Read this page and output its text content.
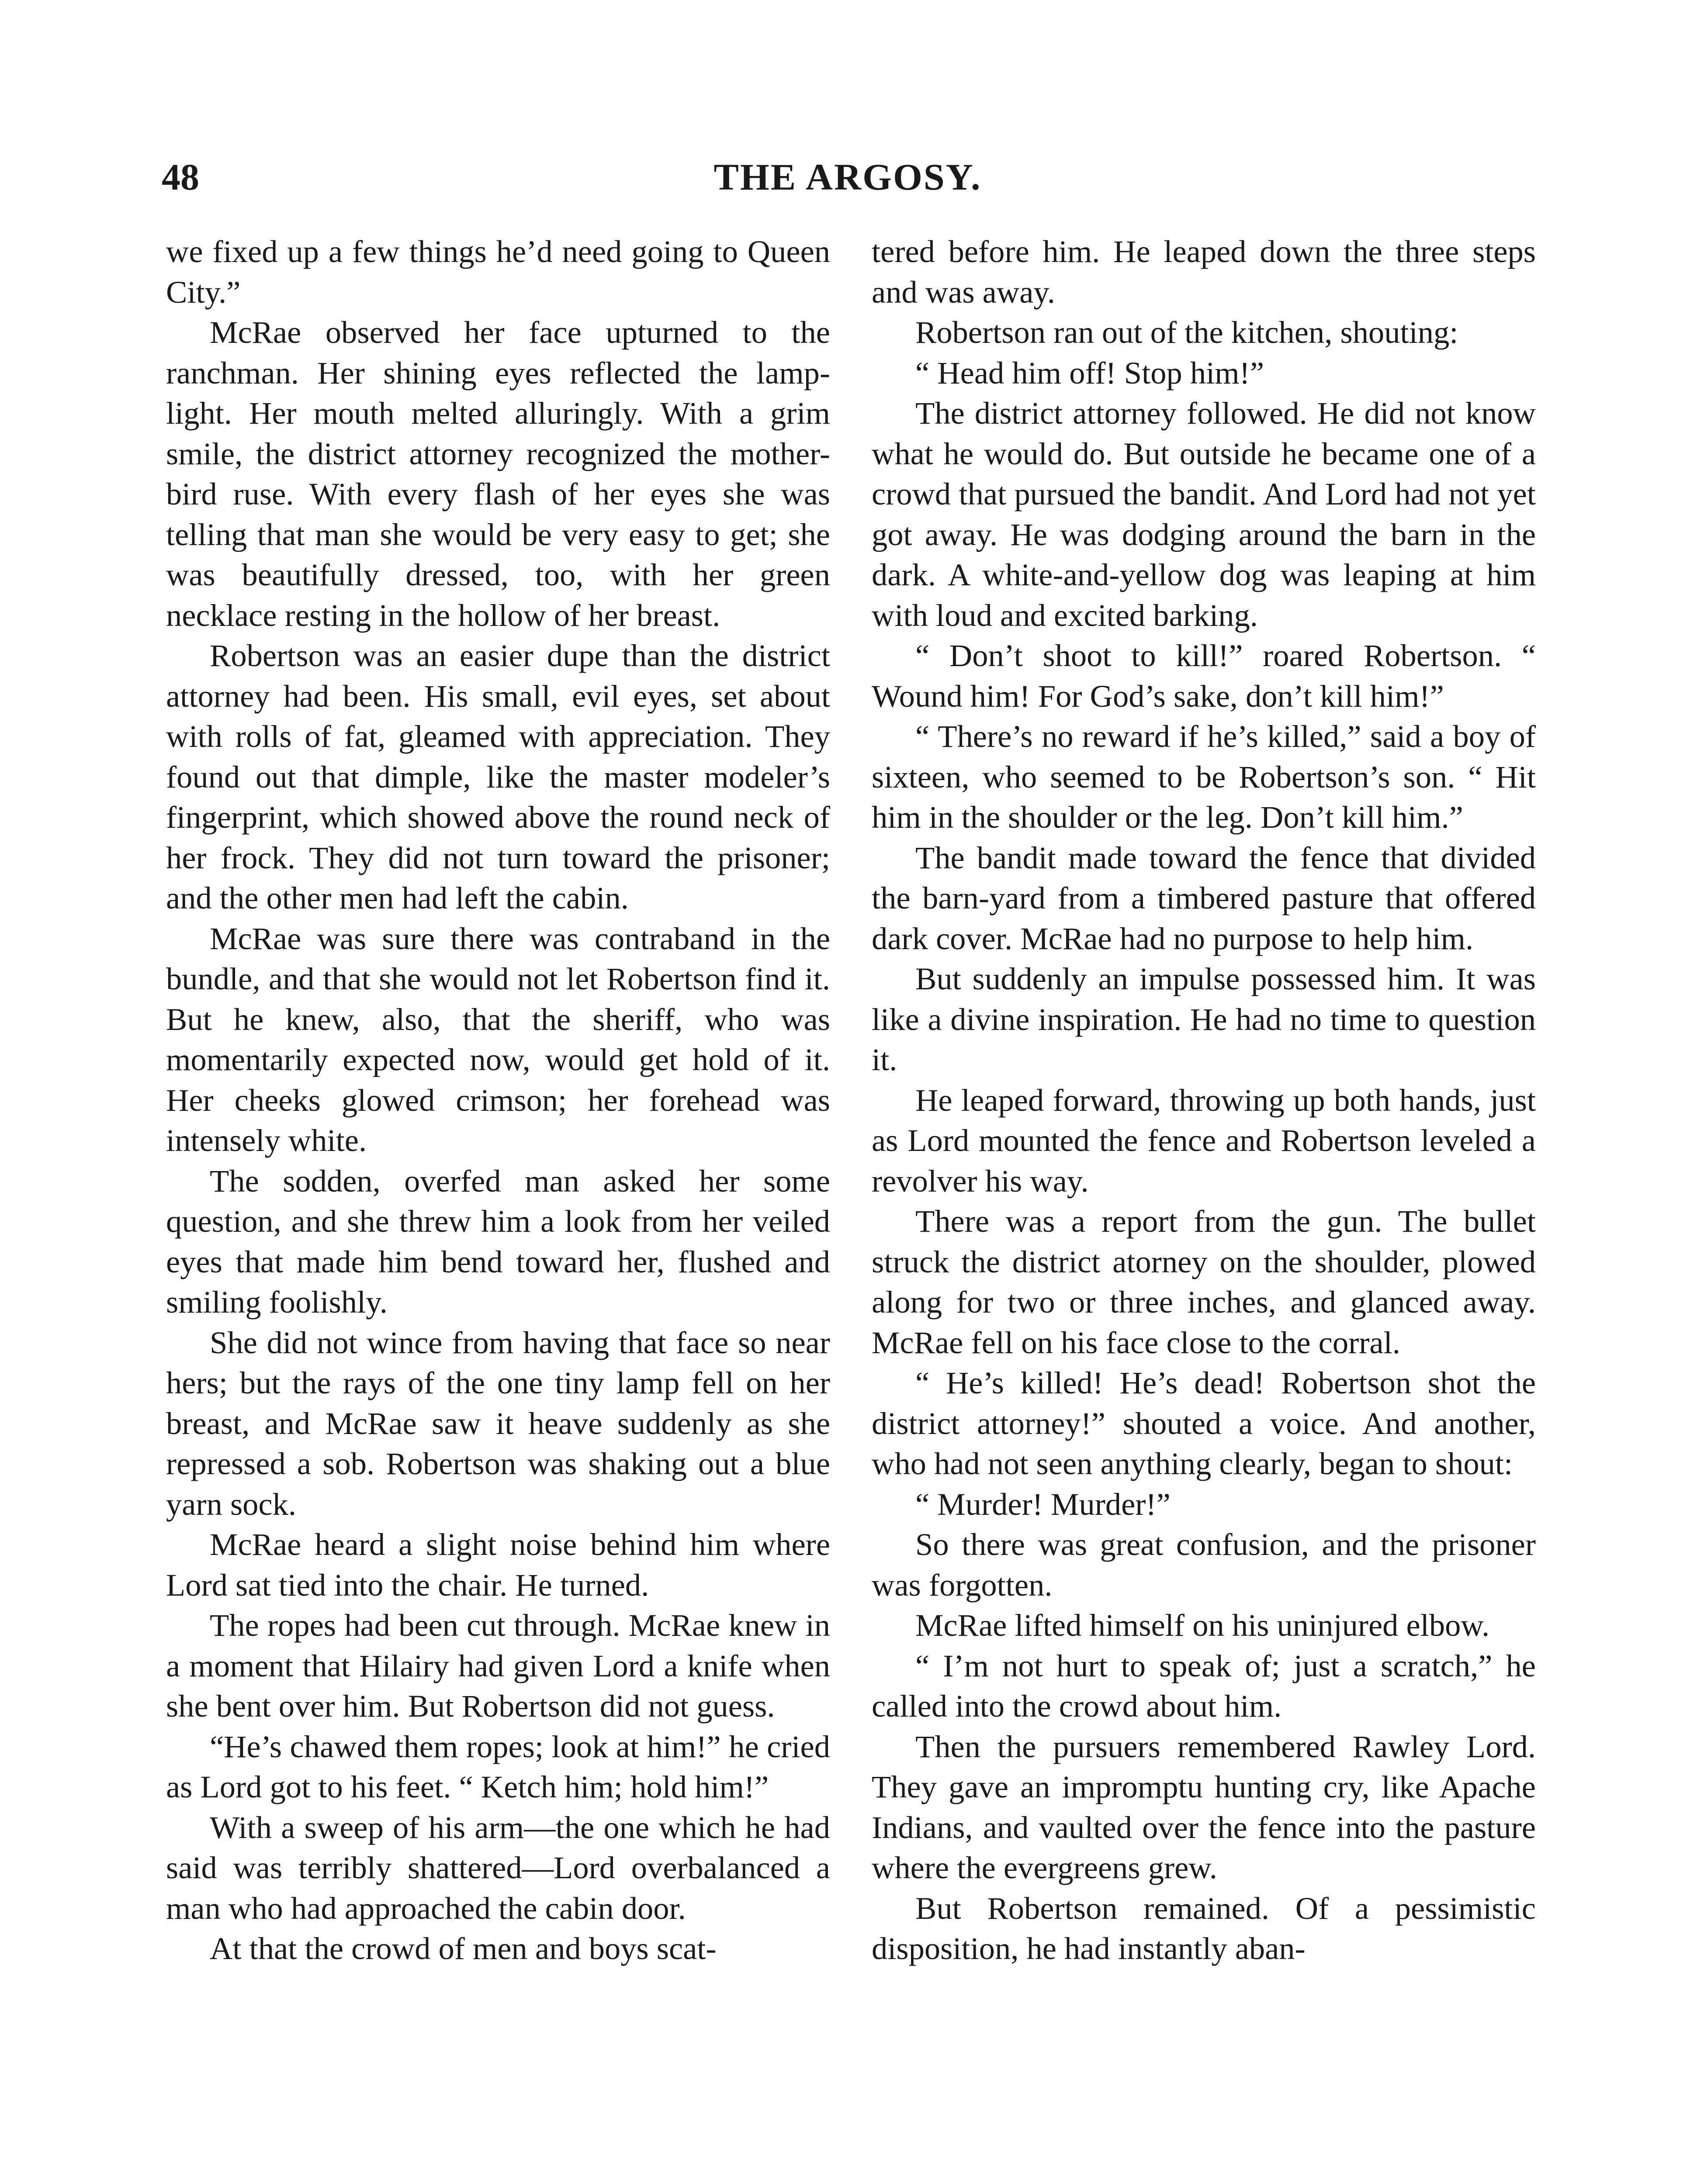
48	THE ARGOSY.

we fixed up a few things he’d need going to Queen City.”

McRae observed her face upturned to the ranchman. Her shining eyes reflected the lamp-light. Her mouth melted alluringly. With a grim smile, the district attorney recognized the mother-bird ruse. With every flash of her eyes she was telling that man she would be very easy to get; she was beautifully dressed, too, with her green necklace resting in the hollow of her breast.

Robertson was an easier dupe than the district attorney had been. His small, evil eyes, set about with rolls of fat, gleamed with appreciation. They found out that dimple, like the master modeler’s fingerprint, which showed above the round neck of her frock. They did not turn toward the prisoner; and the other men had left the cabin.

McRae was sure there was contraband in the bundle, and that she would not let Robertson find it. But he knew, also, that the sheriff, who was momentarily expected now, would get hold of it. Her cheeks glowed crimson; her forehead was intensely white.

The sodden, overfed man asked her some question, and she threw him a look from her veiled eyes that made him bend toward her, flushed and smiling foolishly.

She did not wince from having that face so near hers; but the rays of the one tiny lamp fell on her breast, and McRae saw it heave suddenly as she repressed a sob. Robertson was shaking out a blue yarn sock.

McRae heard a slight noise behind him where Lord sat tied into the chair. He turned.

The ropes had been cut through. McRae knew in a moment that Hilairy had given Lord a knife when she bent over him. But Robertson did not guess.

“He’s chawed them ropes; look at him!” he cried as Lord got to his feet. “ Ketch him; hold him!”

With a sweep of his arm—the one which he had said was terribly shattered—Lord overbalanced a man who had approached the cabin door.

At that the crowd of men and boys scat-

tered before him. He leaped down the three steps and was away.

Robertson ran out of the kitchen, shouting:

“ Head him off! Stop him!”

The district attorney followed. He did not know what he would do. But outside he became one of a crowd that pursued the bandit. And Lord had not yet got away. He was dodging around the barn in the dark. A white-and-yellow dog was leaping at him with loud and excited barking.

“ Don’t shoot to kill!” roared Robertson. “ Wound him! For God’s sake, don’t kill him!”

“ There’s no reward if he’s killed,” said a boy of sixteen, who seemed to be Robertson’s son. “ Hit him in the shoulder or the leg. Don’t kill him.”

The bandit made toward the fence that divided the barn-yard from a timbered pasture that offered dark cover. McRae had no purpose to help him.

But suddenly an impulse possessed him. It was like a divine inspiration. He had no time to question it.

He leaped forward, throwing up both hands, just as Lord mounted the fence and Robertson leveled a revolver his way.

There was a report from the gun. The bullet struck the district atorney on the shoulder, plowed along for two or three inches, and glanced away. McRae fell on his face close to the corral.

“ He’s killed! He’s dead! Robertson shot the district attorney!” shouted a voice. And another, who had not seen anything clearly, began to shout:

“ Murder! Murder!”

So there was great confusion, and the prisoner was forgotten.

McRae lifted himself on his uninjured elbow.

“ I’m not hurt to speak of; just a scratch,” he called into the crowd about him.

Then the pursuers remembered Rawley Lord. They gave an impromptu hunting cry, like Apache Indians, and vaulted over the fence into the pasture where the evergreens grew.

But Robertson remained. Of a pessimistic disposition, he had instantly aban-
